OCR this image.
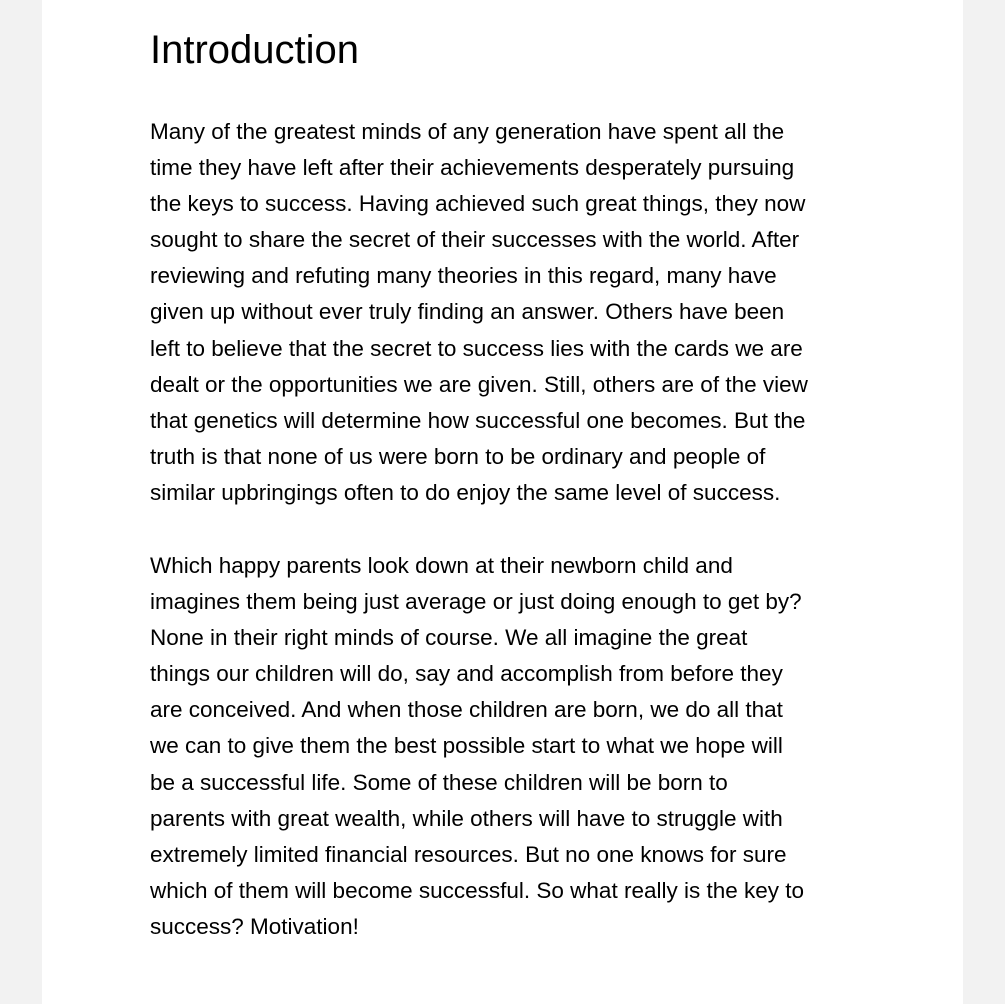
Introduction

Many of the greatest minds of any generation have spent all the
time they have left after their achievements desperately pursuing
the keys to success. Having achieved such great things, they now
sought to share the secret of their successes with the world. After
reviewing and refuting many theories in this regard, many have
given up without ever truly finding an answer. Others have been
left to believe that the secret to success lies with the cards we are
dealt or the opportunities we are given. Still, others are of the view
that genetics will determine how successful one becomes. But the
truth is that none of us were born to be ordinary and people of
similar upbringings often to do enjoy the same level of success.

Which happy parents look down at their newborn child and
imagines them being just average or just doing enough to get by?
None in their right minds of course. We all imagine the great
things our children will do, say and accomplish from before they
are conceived. And when those children are born, we do all that
we can to give them the best possible start to what we hope will
be a successful life. Some of these children will be born to
parents with great wealth, while others will have to struggle with
extremely limited financial resources. But no one knows for sure
which of them will become successful. So what really is the key to
success? Motivation!
